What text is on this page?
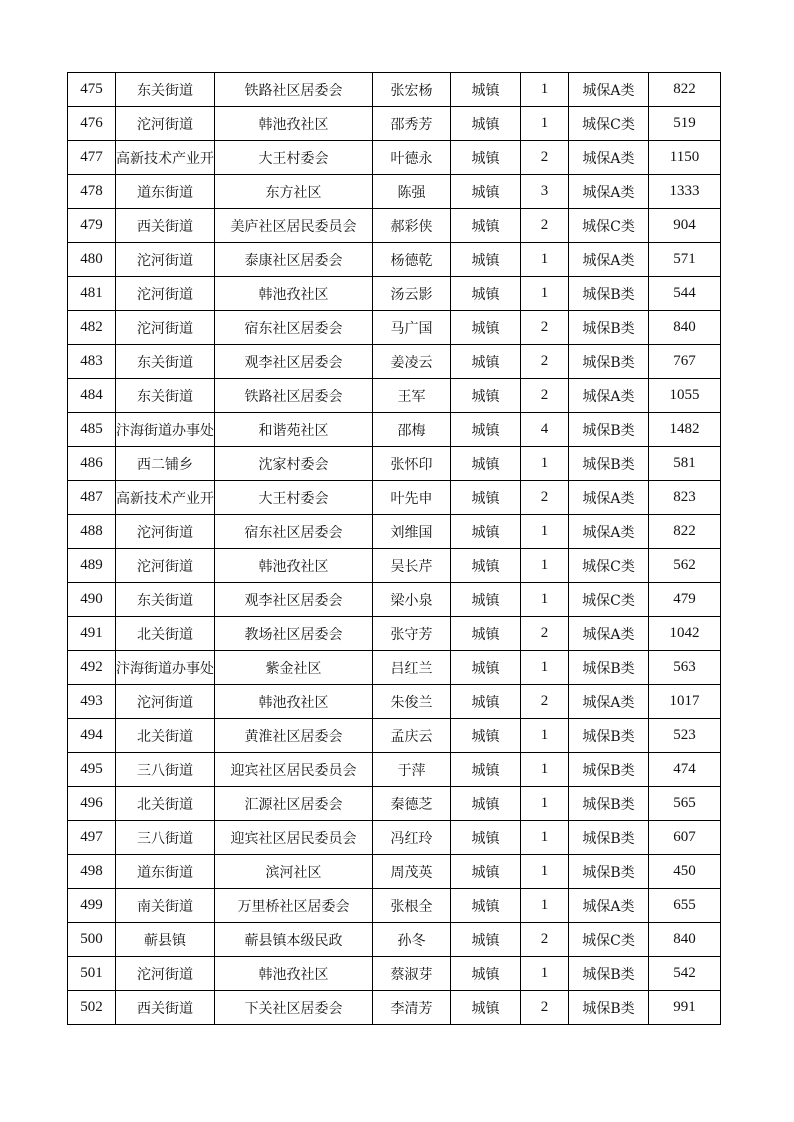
475	东关街道	铁路社区居委会	张宏杨	城镇	1	城保A类	822
476	沱河街道	韩池孜社区	邵秀芳	城镇	1	城保C类	519
477	高新技术产业开	大王村委会	叶德永	城镇	2	城保A类	1150
478	道东街道	东方社区	陈强	城镇	3	城保A类	1333
479	西关街道	美庐社区居民委员会	郝彩侠	城镇	2	城保C类	904
480	沱河街道	泰康社区居委会	杨德乾	城镇	1	城保A类	571
481	沱河街道	韩池孜社区	汤云影	城镇	1	城保B类	544
482	沱河街道	宿东社区居委会	马广国	城镇	2	城保B类	840
483	东关街道	观李社区居委会	姜凌云	城镇	2	城保B类	767
484	东关街道	铁路社区居委会	王军	城镇	2	城保A类	1055
485	汴海街道办事处	和谐苑社区	邵梅	城镇	4	城保B类	1482
486	西二铺乡	沈家村委会	张怀印	城镇	1	城保B类	581
487	高新技术产业开	大王村委会	叶先申	城镇	2	城保A类	823
488	沱河街道	宿东社区居委会	刘维国	城镇	1	城保A类	822
489	沱河街道	韩池孜社区	吴长芹	城镇	1	城保C类	562
490	东关街道	观李社区居委会	梁小泉	城镇	1	城保C类	479
491	北关街道	教场社区居委会	张守芳	城镇	2	城保A类	1042
492	汴海街道办事处	紫金社区	吕红兰	城镇	1	城保B类	563
493	沱河街道	韩池孜社区	朱俊兰	城镇	2	城保A类	1017
494	北关街道	黄淮社区居委会	孟庆云	城镇	1	城保B类	523
495	三八街道	迎宾社区居民委员会	于萍	城镇	1	城保B类	474
496	北关街道	汇源社区居委会	秦德芝	城镇	1	城保B类	565
497	三八街道	迎宾社区居民委员会	冯红玲	城镇	1	城保B类	607
498	道东街道	滨河社区	周茂英	城镇	1	城保B类	450
499	南关街道	万里桥社区居委会	张根全	城镇	1	城保A类	655
500	蕲县镇	蕲县镇本级民政	孙冬	城镇	2	城保C类	840
501	沱河街道	韩池孜社区	蔡淑芽	城镇	1	城保B类	542
502	西关街道	下关社区居委会	李清芳	城镇	2	城保B类	991
